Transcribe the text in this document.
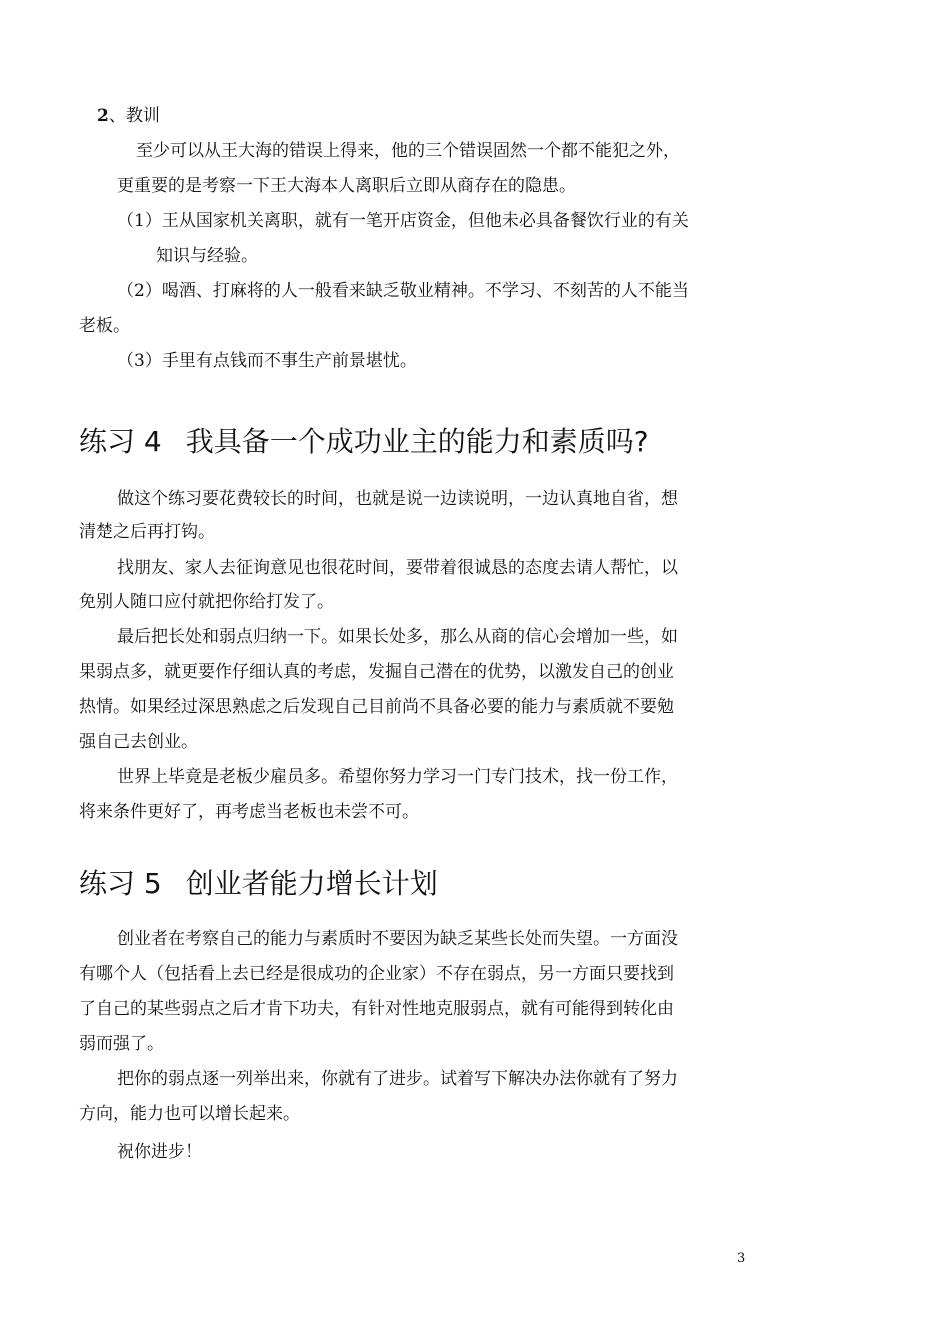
2、教训

至少可以从王大海的错误上得来，他的三个错误固然一个都不能犯之外，

更重要的是考察一下王大海本人离职后立即从商存在的隐患。

（1）王从国家机关离职，就有一笔开店资金，但他未必具备餐饮行业的有关

知识与经验。

（2）喝酒、打麻将的人一般看来缺乏敬业精神。不学习、不刻苦的人不能当

老板。

（3）手里有点钱而不事生产前景堪忧。

练习 4 我具备一个成功业主的能力和素质吗?

做这个练习要花费较长的时间，也就是说一边读说明，一边认真地自省，想

清楚之后再打钩。

找朋友、家人去征询意见也很花时间，要带着很诚恳的态度去请人帮忙，以

免别人随口应付就把你给打发了。

最后把长处和弱点归纳一下。如果长处多，那么从商的信心会增加一些，如

果弱点多，就更要作仔细认真的考虑，发掘自己潜在的优势，以激发自己的创业

热情。如果经过深思熟虑之后发现自己目前尚不具备必要的能力与素质就不要勉

强自己去创业。

世界上毕竟是老板少雇员多。希望你努力学习一门专门技术，找一份工作，

将来条件更好了，再考虑当老板也未尝不可。

练习 5 创业者能力增长计划

创业者在考察自己的能力与素质时不要因为缺乏某些长处而失望。一方面没

有哪个人（包括看上去已经是很成功的企业家）不存在弱点，另一方面只要找到

了自己的某些弱点之后才肯下功夫，有针对性地克服弱点，就有可能得到转化由

弱而强了。

把你的弱点逐一列举出来，你就有了进步。试着写下解决办法你就有了努力

方向，能力也可以增长起来。

祝你进步！

3
